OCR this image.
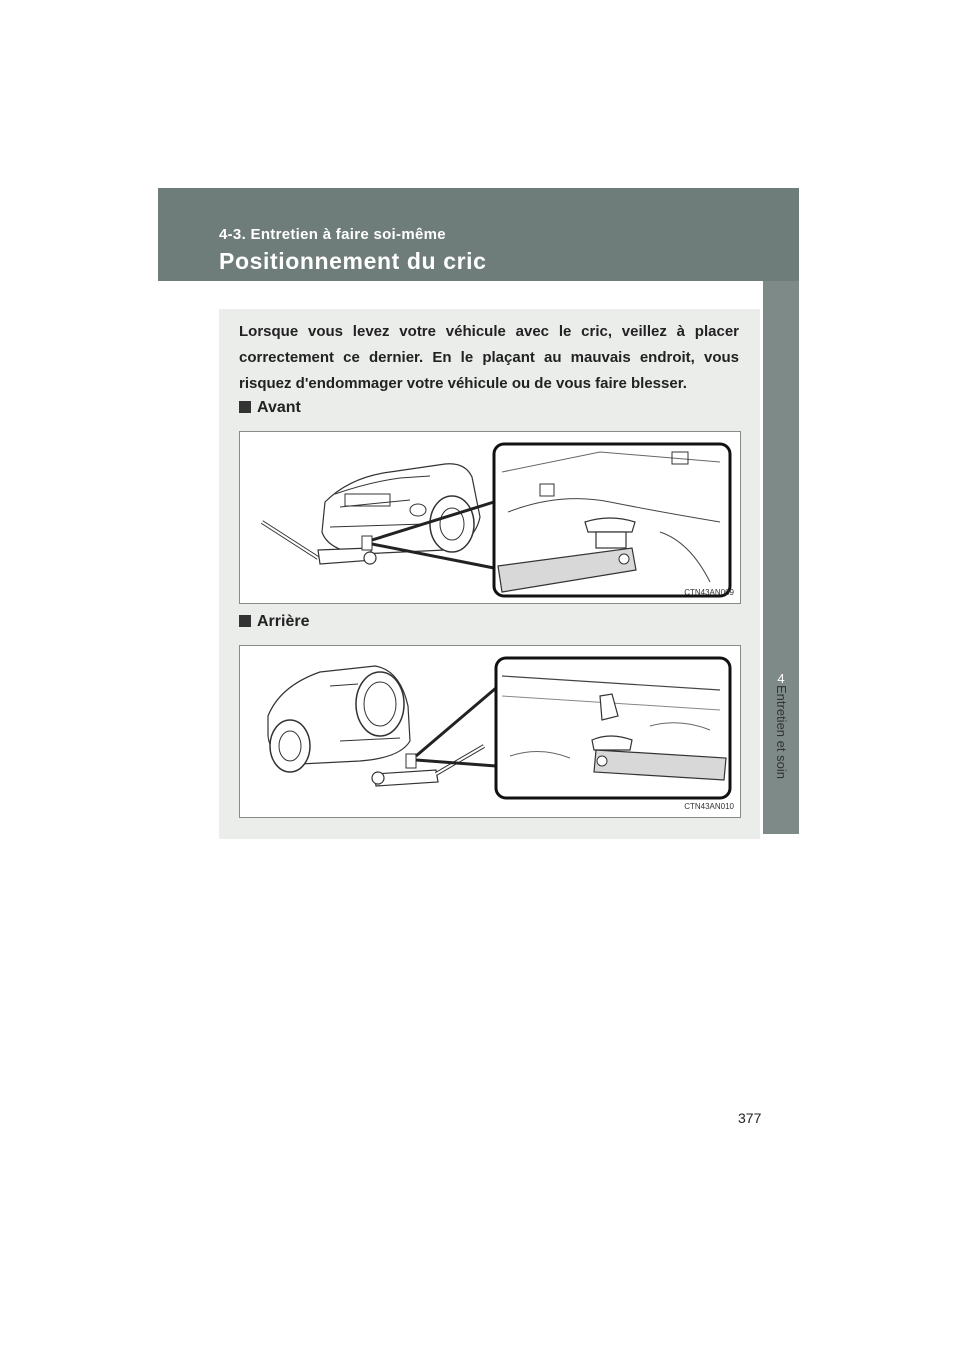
4-3. Entretien à faire soi-même
Positionnement du cric
4
Entretien et soin
Lorsque vous levez votre véhicule avec le cric, veillez à placer correctement ce dernier. En le plaçant au mauvais endroit, vous risquez d'endommager votre véhicule ou de vous faire blesser.
Avant
CTN43AN009
Arrière
CTN43AN010
377
